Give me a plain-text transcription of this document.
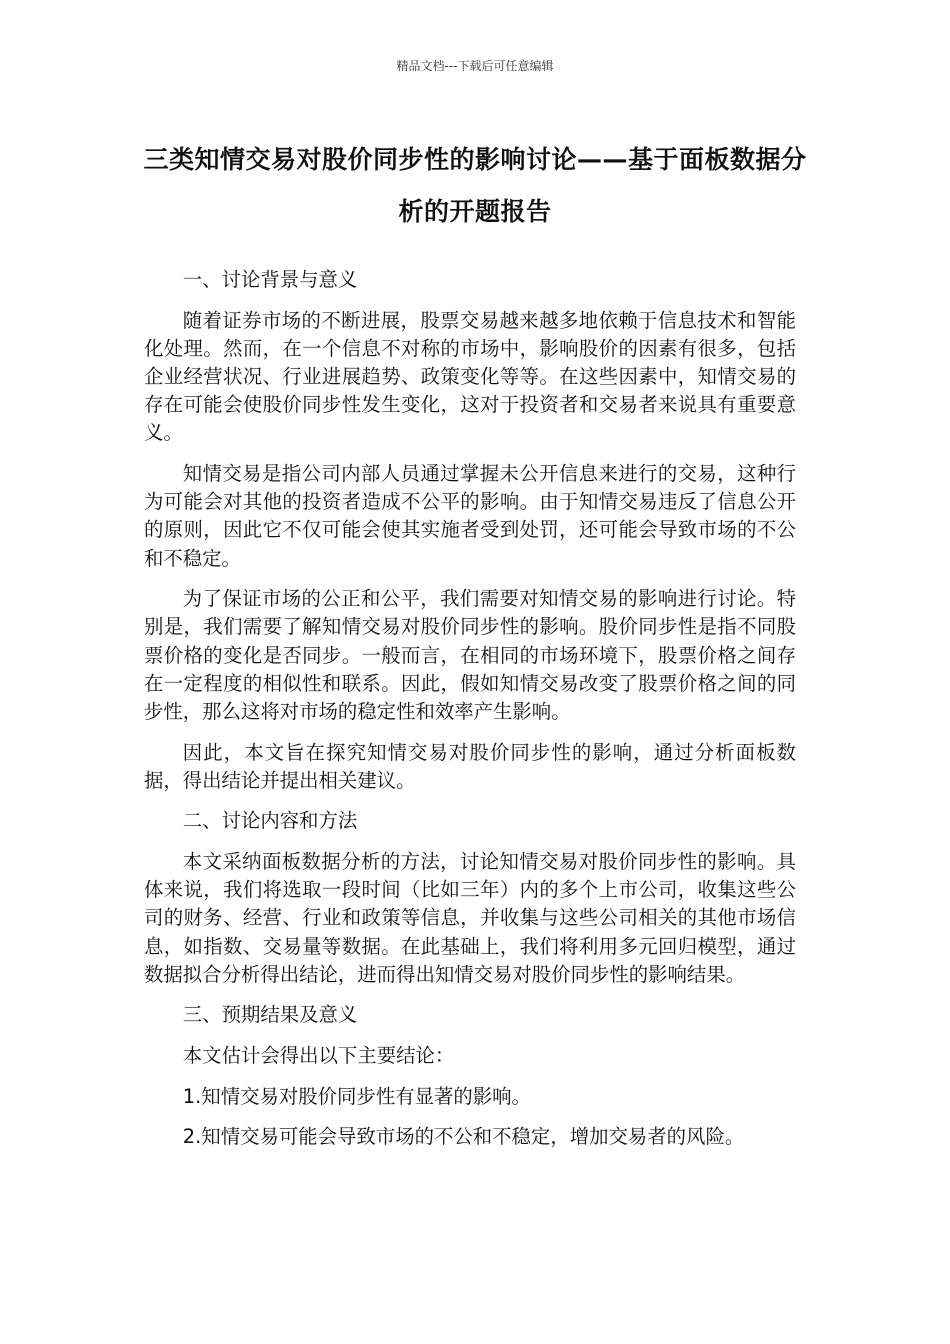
精品文档---下载后可任意编辑
三类知情交易对股价同步性的影响讨论——基于面板数据分析的开题报告

一、讨论背景与意义

随着证券市场的不断进展，股票交易越来越多地依赖于信息技术和智能化处理。然而，在一个信息不对称的市场中，影响股价的因素有很多，包括企业经营状况、行业进展趋势、政策变化等等。在这些因素中，知情交易的存在可能会使股价同步性发生变化，这对于投资者和交易者来说具有重要意义。

知情交易是指公司内部人员通过掌握未公开信息来进行的交易，这种行为可能会对其他的投资者造成不公平的影响。由于知情交易违反了信息公开的原则，因此它不仅可能会使其实施者受到处罚，还可能会导致市场的不公和不稳定。

为了保证市场的公正和公平，我们需要对知情交易的影响进行讨论。特别是，我们需要了解知情交易对股价同步性的影响。股价同步性是指不同股票价格的变化是否同步。一般而言，在相同的市场环境下，股票价格之间存在一定程度的相似性和联系。因此，假如知情交易改变了股票价格之间的同步性，那么这将对市场的稳定性和效率产生影响。

因此，本文旨在探究知情交易对股价同步性的影响，通过分析面板数据，得出结论并提出相关建议。

二、讨论内容和方法

本文采纳面板数据分析的方法，讨论知情交易对股价同步性的影响。具体来说，我们将选取一段时间（比如三年）内的多个上市公司，收集这些公司的财务、经营、行业和政策等信息，并收集与这些公司相关的其他市场信息，如指数、交易量等数据。在此基础上，我们将利用多元回归模型，通过数据拟合分析得出结论，进而得出知情交易对股价同步性的影响结果。

三、预期结果及意义

本文估计会得出以下主要结论：

1.知情交易对股价同步性有显著的影响。

2.知情交易可能会导致市场的不公和不稳定，增加交易者的风险。
